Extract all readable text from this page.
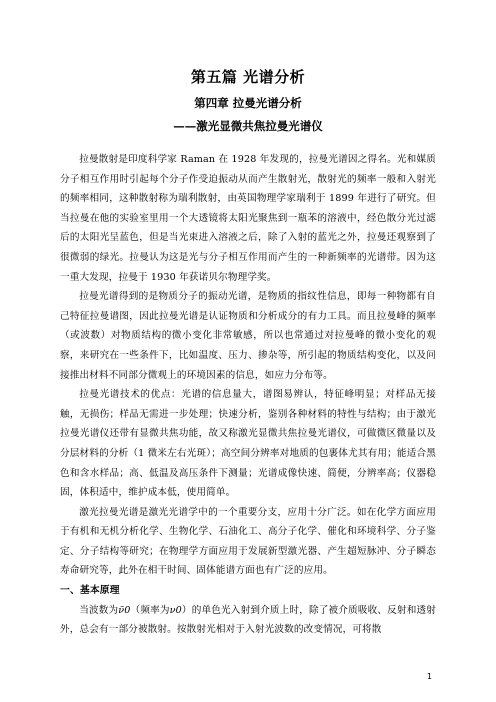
第五篇 光谱分析
第四章 拉曼光谱分析
——激光显微共焦拉曼光谱仪

拉曼散射是印度科学家 Raman 在 1928 年发现的，拉曼光谱因之得名。光和媒质分子相互作用时引起每个分子作受迫振动从而产生散射光，散射光的频率一般和入射光的频率相同，这种散射称为瑞利散射，由英国物理学家瑞利于 1899 年进行了研究。但当拉曼在他的实验室里用一个大透镜将太阳光聚焦到一瓶苯的溶液中，经色散分光过滤后的太阳光呈蓝色，但是当光束进入溶液之后，除了入射的蓝光之外，拉曼还观察到了很微弱的绿光。拉曼认为这是光与分子相互作用而产生的一种新频率的光谱带。因为这一重大发现，拉曼于 1930 年获诺贝尔物理学奖。

拉曼光谱得到的是物质分子的振动光谱，是物质的指纹性信息，即每一种物都有自己特征拉曼谱图，因此拉曼光谱是认证物质和分析成分的有力工具。而且拉曼峰的频率（或波数）对物质结构的微小变化非常敏感，所以也常通过对拉曼峰的微小变化的观察，来研究在一些条件下，比如温度、压力、掺杂等，所引起的物质结构变化，以及问接推出材料不同部分微观上的环境因素的信息，如应力分布等。

拉曼光谱技术的优点：光谱的信息量大，谱图易辨认，特征峰明显；对样品无接触，无损伤；样品无需进一步处理；快速分析，鉴别各种材料的特性与结构；由于激光拉曼光谱仪还带有显微共焦功能，故又称激光显微共焦拉曼光谱仪，可做微区微量以及分层材料的分析（1 微米左右光斑）；高空间分辨率对地质的包裹体尤其有用；能适合黑色和含水样品；高、低温及高压条件下测量；光谱成像快速、简便，分辨率高；仪器稳固，体积适中，维护成本低，使用简单。

激光拉曼光谱是激光光谱学中的一个重要分支，应用十分广泛。如在化学方面应用于有机和无机分析化学、生物化学、石油化工、高分子化学、催化和环境科学、分子鉴定、分子结构等研究；在物理学方面应用于发展新型激光器、产生超短脉冲、分子瞬态寿命研究等，此外在相干时间、固体能谱方面也有广泛的应用。

一、基本原理

当波数为ν̃0（频率为ν0）的单色光入射到介质上时，除了被介质吸收、反射和透射外，总会有一部分被散射。按散射光相对于入射光波数的改变情况，可将散

1
